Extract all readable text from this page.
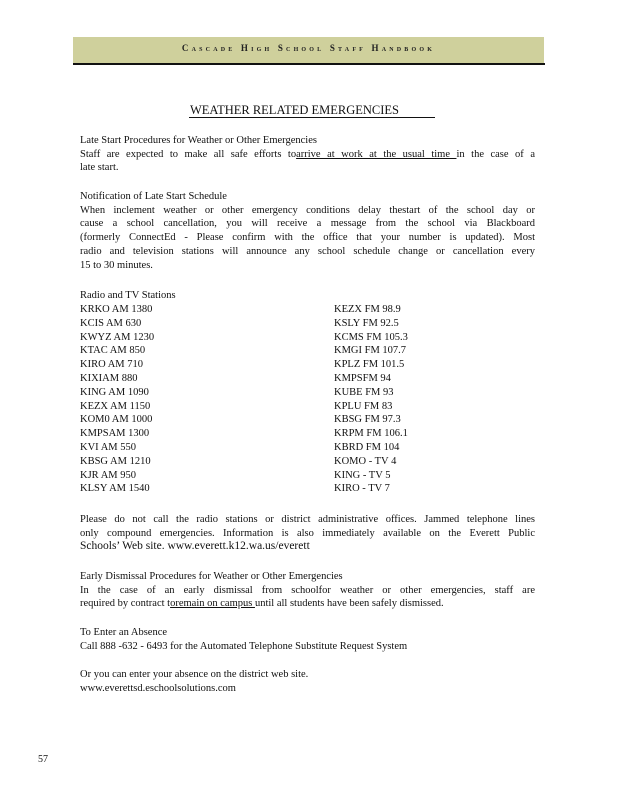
Cascade High School Staff Handbook
WEATHER RELATED EMERGENCIES
Late Start Procedures for Weather or Other Emergencies
Staff are expected to make all safe efforts toarrive at work at the usual time in the case of a
late start.
Notification of Late Start Schedule
When inclement weather or other emergency conditions delay thestart of the school day or
cause a school cancellation, you will receive a message from the school via Blackboard
(formerly ConnectEd - Please confirm with the office that your number is updated). Most
radio and television stations will announce any school schedule change or cancellation every
15 to 30 minutes.
Radio and TV Stations
KRKO AM 1380
KCIS AM 630
KWYZ AM 1230
KTAC AM 850
KIRO AM 710
KIXIAM 880
KING AM 1090
KEZX AM 1150
KOM0 AM 1000
KMPSAM 1300
KVI AM 550
KBSG AM 1210
KJR AM 950
KLSY AM 1540
KEZX FM 98.9
KSLY FM 92.5
KCMS FM 105.3
KMGI FM 107.7
KPLZ FM 101.5
KMPSFM 94
KUBE FM 93
KPLU FM 83
KBSG FM 97.3
KRPM FM 106.1
KBRD FM 104
KOMO - TV 4
KING - TV 5
KIRO - TV 7
Please do not call the radio stations or district administrative offices. Jammed telephone lines
only compound emergencies. Information is also immediately available on the Everett Public
Schools’ Web site. www.everett.k12.wa.us/everett
Early Dismissal Procedures for Weather or Other Emergencies
In the case of an early dismissal from schoolfor weather or other emergencies, staff are
required by contract toremain on campus until all students have been safely dismissed.
To Enter an Absence
Call 888 -632 - 6493 for the Automated Telephone Substitute Request System
Or you can enter your absence on the district web site.
www.everettsd.eschoolsolutions.com
57
